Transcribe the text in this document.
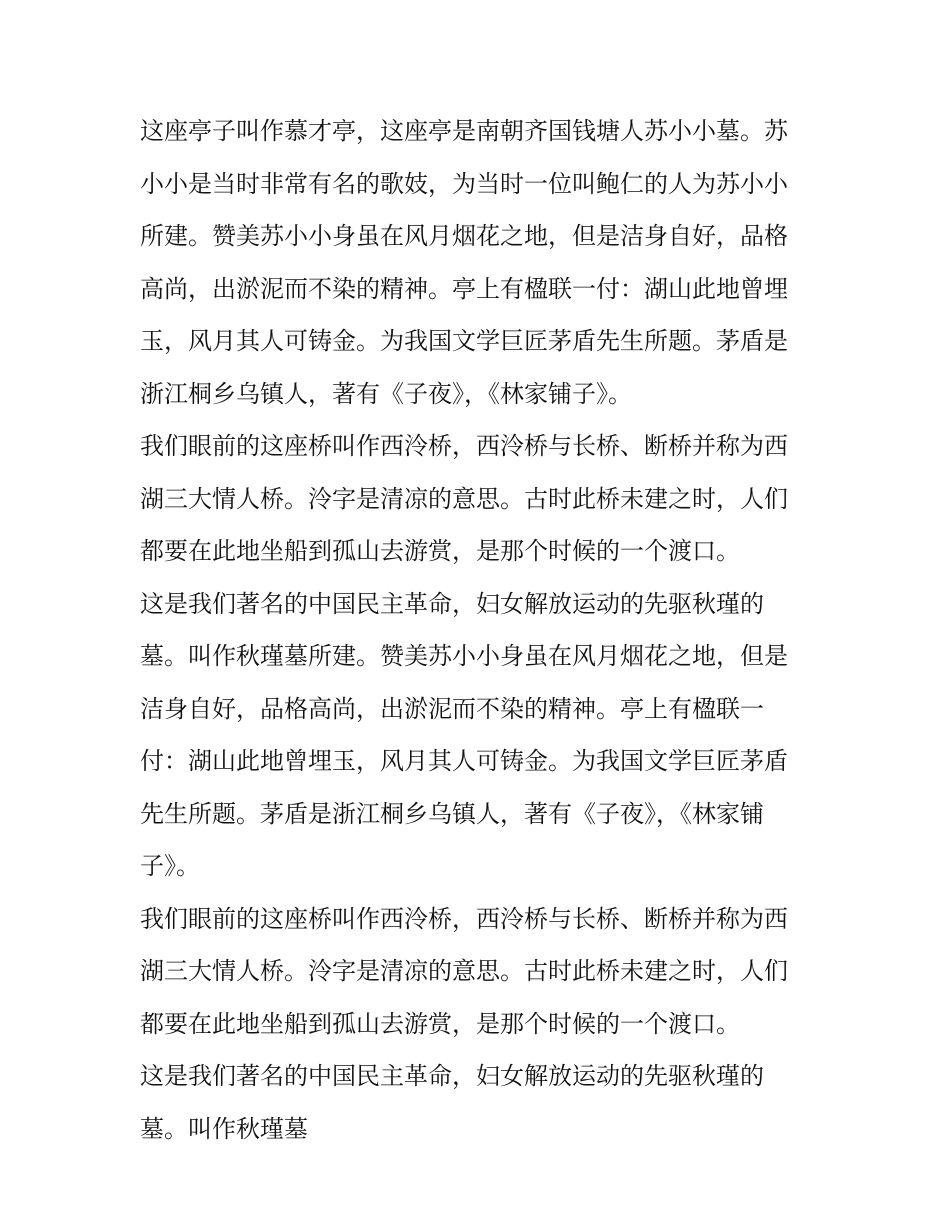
这座亭子叫作慕才亭，这座亭是南朝齐国钱塘人苏小小墓。苏
小小是当时非常有名的歌妓，为当时一位叫鲍仁的人为苏小小
所建。赞美苏小小身虽在风月烟花之地，但是洁身自好，品格
高尚，出淤泥而不染的精神。亭上有楹联一付：湖山此地曾埋
玉，风月其人可铸金。为我国文学巨匠茅盾先生所题。茅盾是
浙江桐乡乌镇人，著有《子夜》，《林家铺子》。
我们眼前的这座桥叫作西泠桥，西泠桥与长桥、断桥并称为西
湖三大情人桥。泠字是清凉的意思。古时此桥未建之时，人们
都要在此地坐船到孤山去游赏，是那个时候的一个渡口。
这是我们著名的中国民主革命，妇女解放运动的先驱秋瑾的
墓。叫作秋瑾墓所建。赞美苏小小身虽在风月烟花之地，但是
洁身自好，品格高尚，出淤泥而不染的精神。亭上有楹联一
付：湖山此地曾埋玉，风月其人可铸金。为我国文学巨匠茅盾
先生所题。茅盾是浙江桐乡乌镇人，著有《子夜》，《林家铺
子》。
我们眼前的这座桥叫作西泠桥，西泠桥与长桥、断桥并称为西
湖三大情人桥。泠字是清凉的意思。古时此桥未建之时，人们
都要在此地坐船到孤山去游赏，是那个时候的一个渡口。
这是我们著名的中国民主革命，妇女解放运动的先驱秋瑾的
墓。叫作秋瑾墓
